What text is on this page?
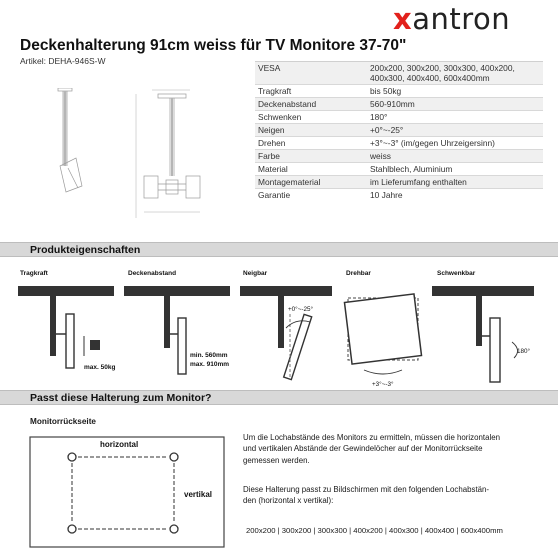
xantron
Deckenhalterung 91cm weiss für TV Monitore 37-70"
Artikel: DEHA-946S-W
VESA	200x200, 300x200, 300x300, 400x200,
400x300, 400x400, 600x400mm

Tragkraft	bis 50kg
Deckenabstand	560-910mm
Schwenken	180°
Neigen	+0°~-25°
Drehen	+3°~-3° (im/gegen Uhrzeigersinn)
Farbe	weiss
Material	Stahlblech, Aluminium
Montagematerial	im Lieferumfang enthalten
Garantie	10 Jahre
Produkteigenschaften
Tragkraft	Deckenabstand	Neigbar	Drehbar	Schwenkbar
max. 50kg
min. 560mm
max. 910mm
+0°~-25°
+3°~-3°
180°
Passt diese Halterung zum Monitor?
Monitorrückseite
horizontal
vertikal
Um die Lochabstände des Monitors zu ermitteln, müssen die horizontalen
und vertikalen Abstände der Gewindelöcher auf der Monitorrückseite
gemessen werden.
Diese Halterung passt zu Bildschirmen mit den folgenden Lochabstän-
den (horizontal x vertikal):
200x200 | 300x200 | 300x300 | 400x200 | 400x300 | 400x400 | 600x400mm
